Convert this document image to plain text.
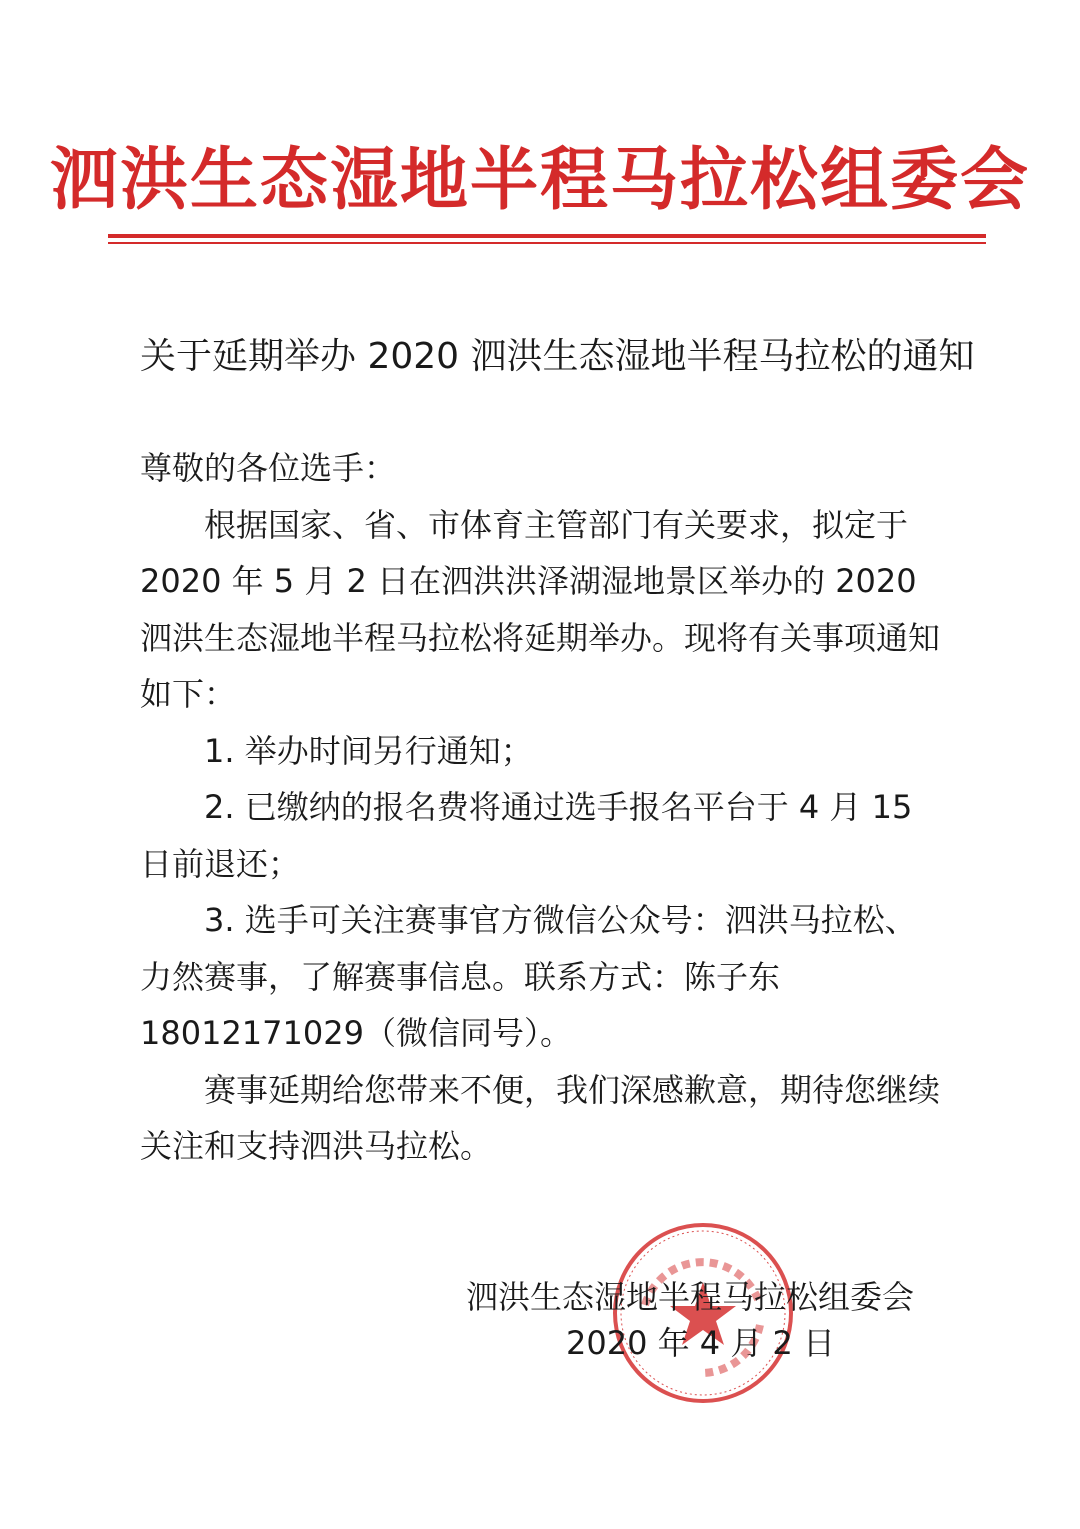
泗洪生态湿地半程马拉松组委会
关于延期举办 2020 泗洪生态湿地半程马拉松的通知

尊敬的各位选手：

根据国家、省、市体育主管部门有关要求，拟定于 2020 年 5 月 2 日在泗洪洪泽湖湿地景区举办的 2020 泗洪生态湿地半程马拉松将延期举办。现将有关事项通知如下：

1. 举办时间另行通知；

2. 已缴纳的报名费将通过选手报名平台于 4 月 15 日前退还；

3. 选手可关注赛事官方微信公众号：泗洪马拉松、力然赛事，了解赛事信息。联系方式：陈子东 18012171029（微信同号）。

赛事延期给您带来不便，我们深感歉意，期待您继续关注和支持泗洪马拉松。

泗洪生态湿地半程马拉松组委会
2020 年 4 月 2 日
